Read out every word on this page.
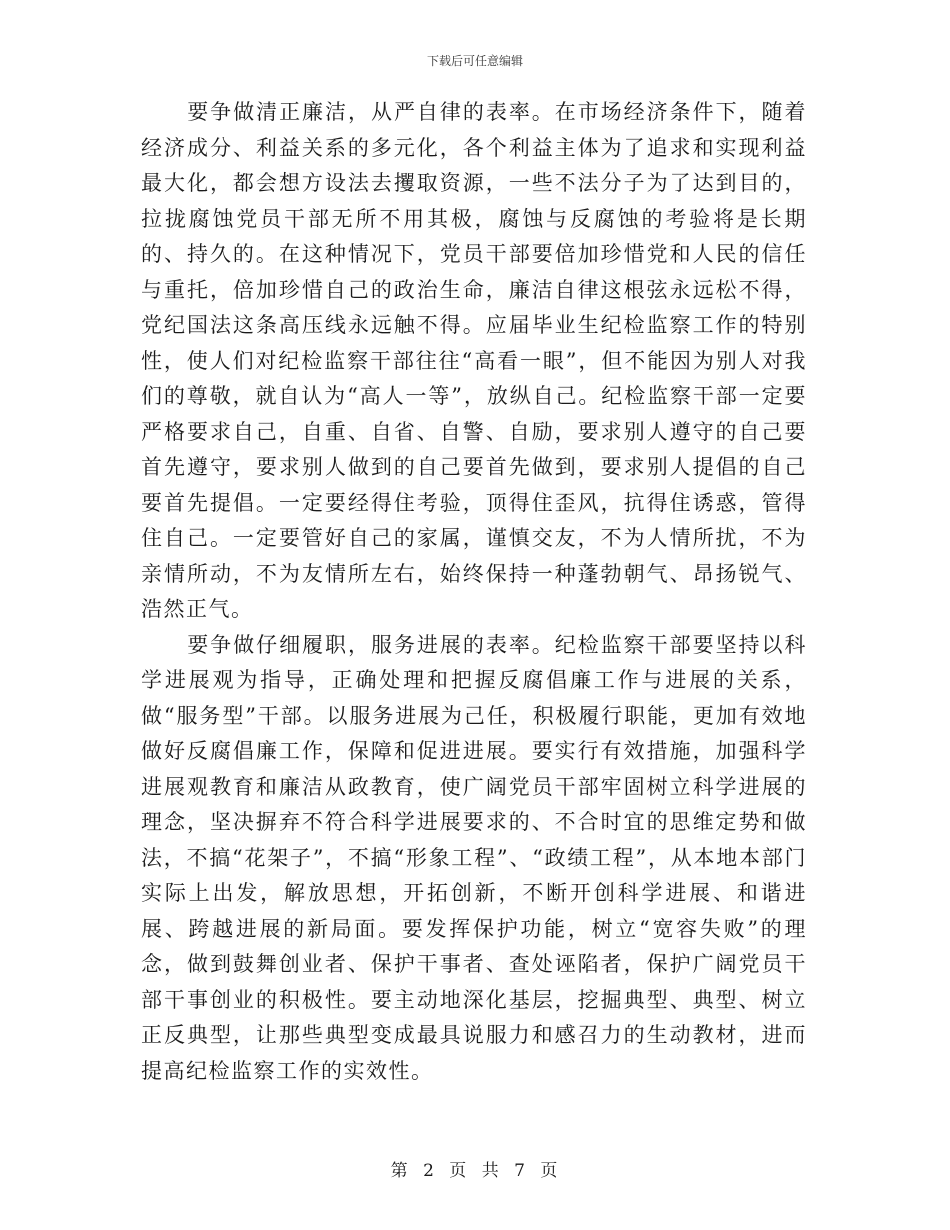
下载后可任意编辑

要争做清正廉洁，从严自律的表率。在市场经济条件下，随着经济成分、利益关系的多元化，各个利益主体为了追求和实现利益最大化，都会想方设法去攫取资源，一些不法分子为了达到目的，拉拢腐蚀党员干部无所不用其极，腐蚀与反腐蚀的考验将是长期的、持久的。在这种情况下，党员干部要倍加珍惜党和人民的信任与重托，倍加珍惜自己的政治生命，廉洁自律这根弦永远松不得，党纪国法这条高压线永远触不得。应届毕业生纪检监察工作的特别性，使人们对纪检监察干部往往“高看一眼”，但不能因为别人对我们的尊敬，就自认为“高人一等”，放纵自己。纪检监察干部一定要严格要求自己，自重、自省、自警、自励，要求别人遵守的自己要首先遵守，要求别人做到的自己要首先做到，要求别人提倡的自己要首先提倡。一定要经得住考验，顶得住歪风，抗得住诱惑，管得住自己。一定要管好自己的家属，谨慎交友，不为人情所扰，不为亲情所动，不为友情所左右，始终保持一种蓬勃朝气、昂扬锐气、浩然正气。

要争做仔细履职，服务进展的表率。纪检监察干部要坚持以科学进展观为指导，正确处理和把握反腐倡廉工作与进展的关系，做“服务型”干部。以服务进展为己任，积极履行职能，更加有效地做好反腐倡廉工作，保障和促进进展。要实行有效措施，加强科学进展观教育和廉洁从政教育，使广阔党员干部牢固树立科学进展的理念，坚决摒弃不符合科学进展要求的、不合时宜的思维定势和做法，不搞“花架子”，不搞“形象工程”、“政绩工程”，从本地本部门实际上出发，解放思想，开拓创新，不断开创科学进展、和谐进展、跨越进展的新局面。要发挥保护功能，树立“宽容失败”的理念，做到鼓舞创业者、保护干事者、查处诬陷者，保护广阔党员干部干事创业的积极性。要主动地深化基层，挖掘典型、典型、树立正反典型，让那些典型变成最具说服力和感召力的生动教材，进而提高纪检监察工作的实效性。

第 2 页 共 7 页
